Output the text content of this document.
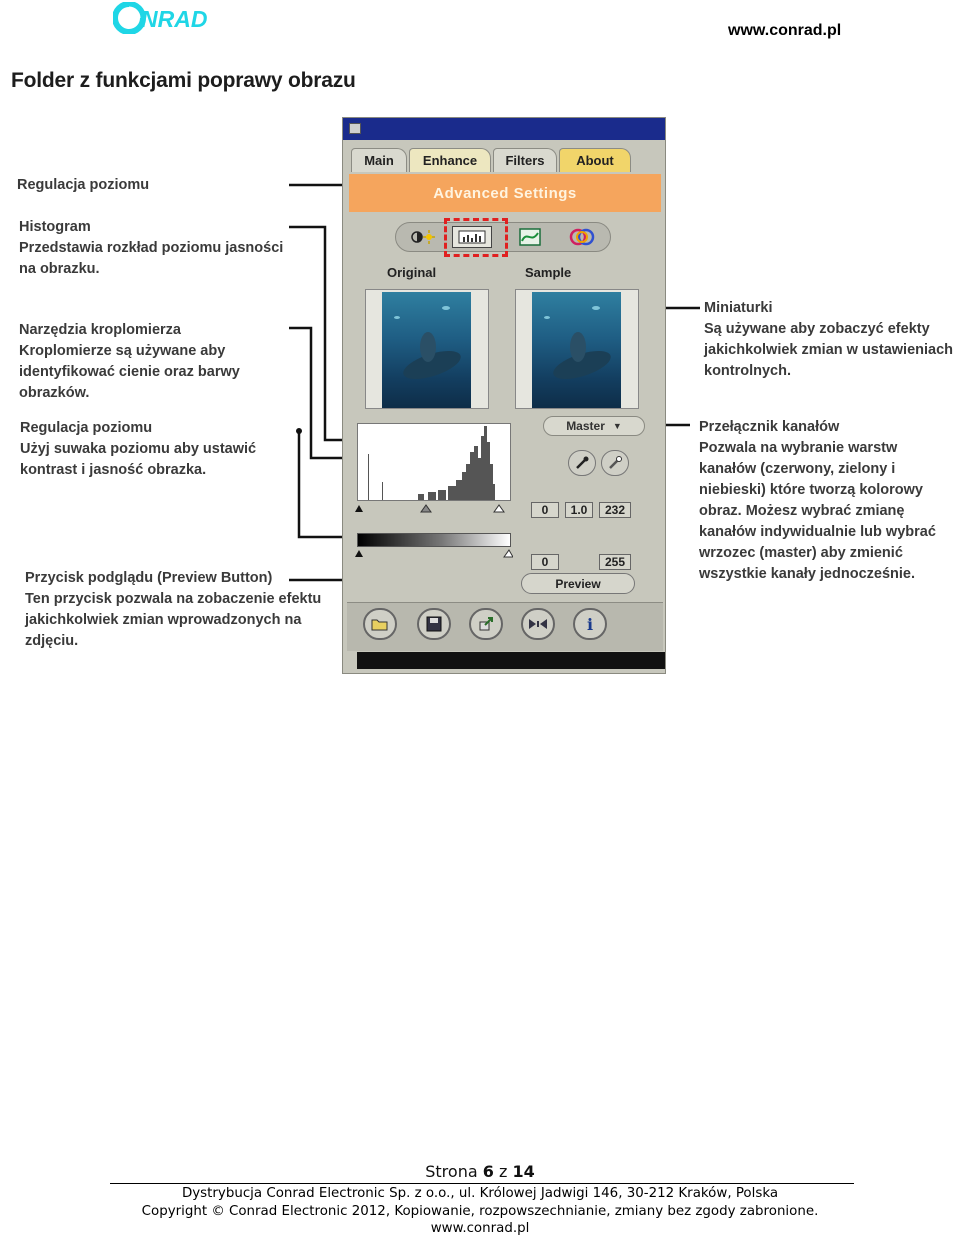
NRAD	www.conrad.pl
Folder z funkcjami poprawy obrazu
Regulacja poziomu
Histogram
Przedstawia rozkład poziomu jasności na obrazku.
Narzędzia kroplomierza
Kroplomierze są używane aby identyfikować cienie oraz barwy obrazków.
Regulacja poziomu
Użyj suwaka poziomu aby ustawić kontrast i jasność obrazka.
Przycisk podglądu (Preview Button)
Ten przycisk pozwala na zobaczenie efektu jakichkolwiek zmian wprowadzonych na zdjęciu.
Miniaturki
Są używane aby zobaczyć efekty jakichkolwiek zmian w ustawieniach kontrolnych.
Przełącznik kanałów
Pozwala na wybranie warstw kanałów (czerwony, zielony i niebieski) które tworzą kolorowy obraz. Możesz wybrać zmianę kanałów indywidualnie lub wybrać wrzozec (master) aby zmienić wszystkie kanały jednocześnie.
Main	Enhance	Filters	About
Advanced Settings
Original	Sample
Master ▼
0	1.0	232
0	255
Preview
i
Strona 6 z 14
Dystrybucja Conrad Electronic Sp. z o.o., ul. Królowej Jadwigi 146, 30-212 Kraków, Polska
Copyright © Conrad Electronic 2012, Kopiowanie, rozpowszechnianie, zmiany bez zgody zabronione.
www.conrad.pl
